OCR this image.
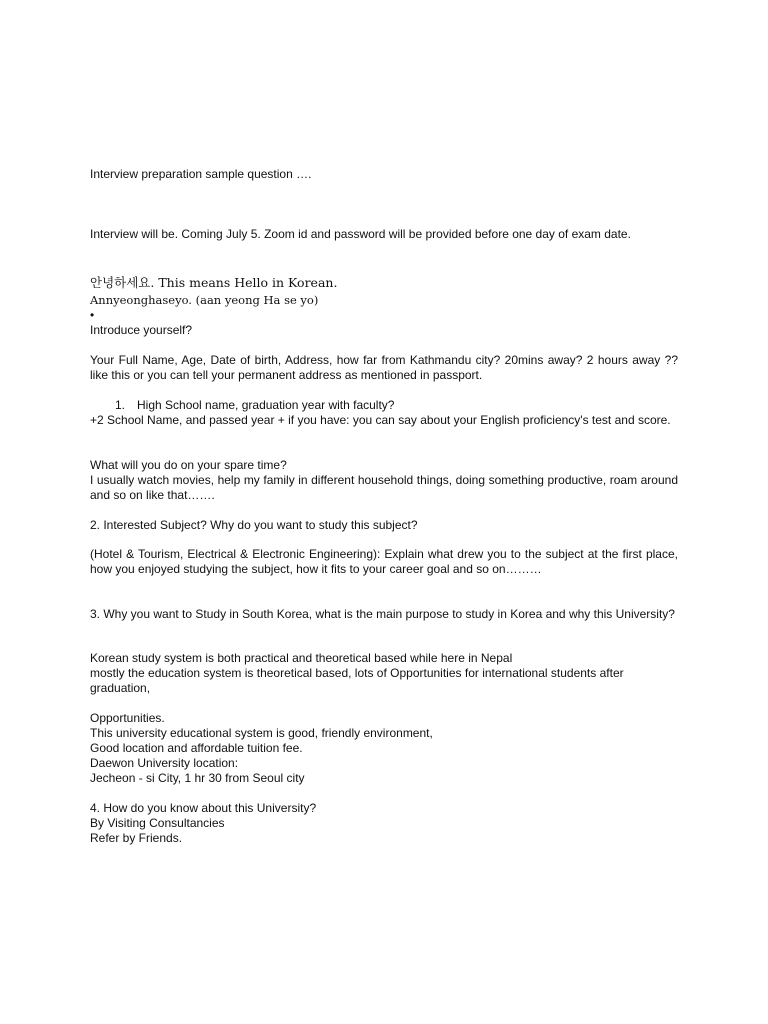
Interview preparation sample question ….
Interview will be. Coming July 5. Zoom id and password will be provided before one day of exam date.
안녕하세요. This means Hello in Korean.
Annyeonghaseyo. (aan yeong Ha se yo)
•
Introduce yourself?
Your Full Name, Age, Date of birth, Address, how far from Kathmandu city? 20mins away? 2 hours away ?? like this or you can tell your permanent address as mentioned in passport.
1. High School name, graduation year with faculty?
+2 School Name, and passed year + if you have: you can say about your English proficiency's test and score.
What will you do on your spare time?
I usually watch movies, help my family in different household things, doing something productive, roam around and so on like that…….
2. Interested Subject? Why do you want to study this subject?
(Hotel & Tourism, Electrical & Electronic Engineering): Explain what drew you to the subject at the first place, how you enjoyed studying the subject, how it fits to your career goal and so on………
3. Why you want to Study in South Korea, what is the main purpose to study in Korea and why this University?
Korean study system is both practical and theoretical based while here in Nepal
mostly the education system is theoretical based, lots of Opportunities for international students after
graduation,
Opportunities.
This university educational system is good, friendly environment,
Good location and affordable tuition fee.
Daewon University location:
Jecheon - si City, 1 hr 30 from Seoul city
4. How do you know about this University?
By Visiting Consultancies
Refer by Friends.
